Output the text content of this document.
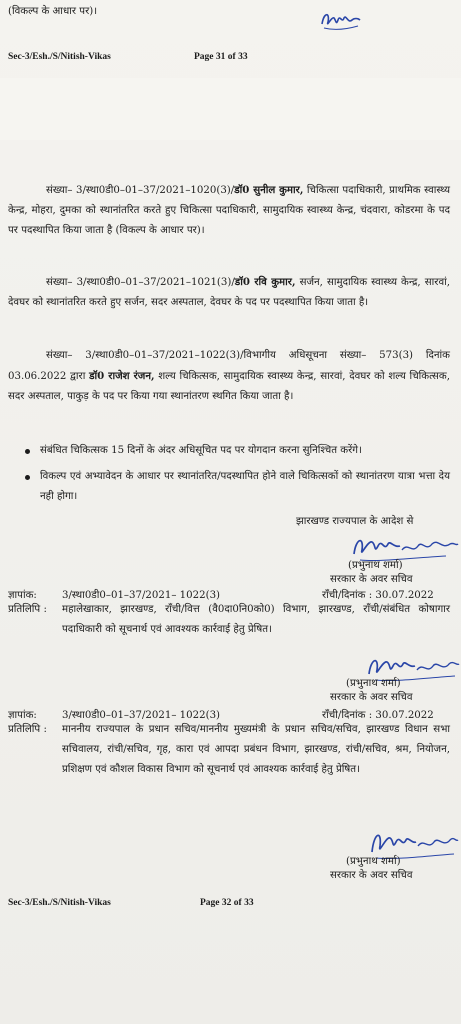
(विकल्प के आधार पर)।
Sec-3/Esh./S/Nitish-Vikas	Page 31 of 33
संख्या– 3/स्था0डी0–01–37/2021–1020(3)/डॉ0 सुनील कुमार, चिकित्सा पदाधिकारी, प्राथमिक स्वास्थ्य केन्द्र, मोहरा, दुमका को स्थानांतरित करते हुए चिकित्सा पदाधिकारी, सामुदायिक स्वास्थ्य केन्द्र, चंदवारा, कोडरमा के पद पर पदस्थापित किया जाता है (विकल्प के आधार पर)।
संख्या– 3/स्था0डी0–01–37/2021–1021(3)/डॉ0 रवि कुमार, सर्जन, सामुदायिक स्वास्थ्य केन्द्र, सारवां, देवघर को स्थानांतरित करते हुए सर्जन, सदर अस्पताल, देवघर के पद पर पदस्थापित किया जाता है।
संख्या– 3/स्था0डी0–01–37/2021–1022(3)/विभागीय अधिसूचना संख्या– 573(3) दिनांक 03.06.2022 द्वारा डॉ0 राजेश रंजन, शल्य चिकित्सक, सामुदायिक स्वास्थ्य केन्द्र, सारवां, देवघर को शल्य चिकित्सक, सदर अस्पताल, पाकुड़ के पद पर किया गया स्थानांतरण स्थगित किया जाता है।
संबंधित चिकित्सक 15 दिनों के अंदर अधिसूचित पद पर योगदान करना सुनिश्चित करेंगे।
विकल्प एवं अभ्यावेदन के आधार पर स्थानांतरित/पदस्थापित होने वाले चिकित्सकों को स्थानांतरण यात्रा भत्ता देय नही होगा।
झारखण्ड राज्यपाल के आदेश से
(प्रभुनाथ शर्मा)
सरकार के अवर सचिव
ज्ञापांक: 3/स्था0डी0–01–37/2021– 1022(3)	राँची/दिनांक : 30.07.2022
प्रतिलिपि : महालेखाकार, झारखण्ड, राँची/वित्त (वै0दा0नि0को0) विभाग, झारखण्ड, राँची/संबंधित कोषागार पदाधिकारी को सूचनार्थ एवं आवश्यक कार्रवाई हेतु प्रेषित।
(प्रभुनाथ शर्मा)
सरकार के अवर सचिव
ज्ञापांक: 3/स्था0डी0–01–37/2021– 1022(3)	राँची/दिनांक : 30.07.2022
प्रतिलिपि : माननीय राज्यपाल के प्रधान सचिव/माननीय मुख्यमंत्री के प्रधान सचिव/सचिव, झारखण्ड विधान सभा सचिवालय, रांची/सचिव, गृह, कारा एवं आपदा प्रबंधन विभाग, झारखण्ड, रांची/सचिव, श्रम, नियोजन, प्रशिक्षण एवं कौशल विकास विभाग को सूचनार्थ एवं आवश्यक कार्रवाई हेतु प्रेषित।
(प्रभुनाथ शर्मा)
सरकार के अवर सचिव
Sec-3/Esh./S/Nitish-Vikas	Page 32 of 33
